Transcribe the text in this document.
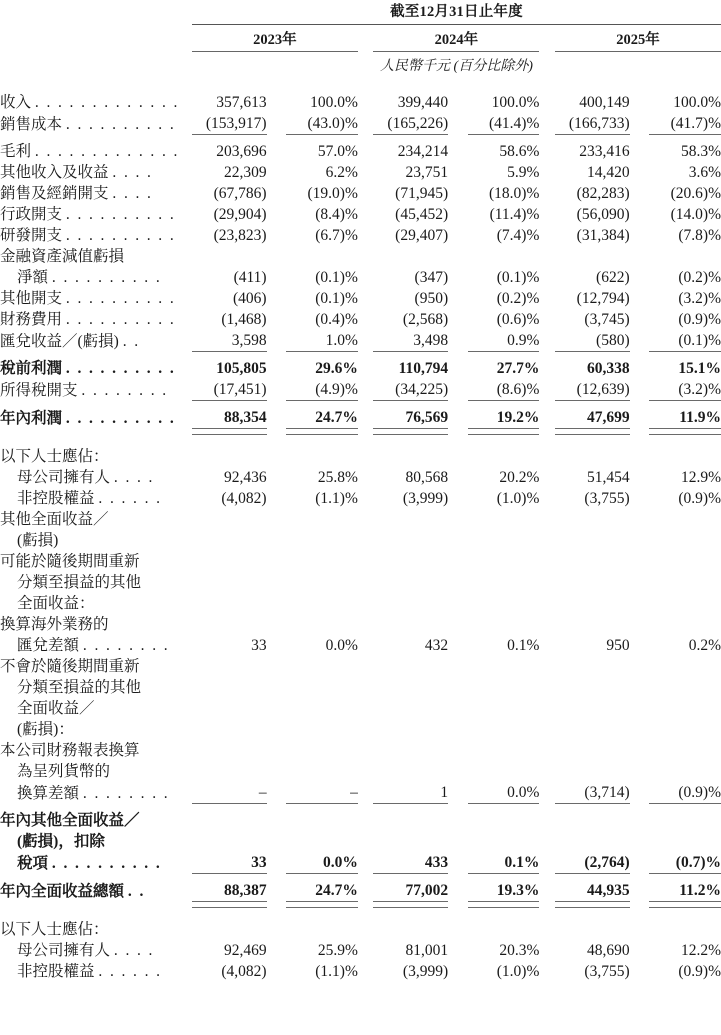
	截至12月31日止年度										

	2023年				2024年				2025年		

	人民幣千元 (百分比除外)										

收入 . . . . . . . . . . . . .	357,613		100.0%		399,440		100.0%		400,149		100.0%
銷售成本 . . . . . . . . . .	(153,917)		(43.0)%		(165,226)		(41.4)%		(166,733)		(41.7)%

毛利 . . . . . . . . . . . . .	203,696		57.0%		234,214		58.6%		233,416		58.3%
其他收入及收益 . . . .	22,309		6.2%		23,751		5.9%		14,420		3.6%
銷售及經銷開支 . . . .	(67,786)		(19.0)%		(71,945)		(18.0)%		(82,283)		(20.6)%
行政開支 . . . . . . . . . .	(29,904)		(8.4)%		(45,452)		(11.4)%		(56,090)		(14.0)%
研發開支 . . . . . . . . . .	(23,823)		(6.7)%		(29,407)		(7.4)%		(31,384)		(7.8)%
金融資產減值虧損											
淨額 . . . . . . . . . .	(411)		(0.1)%		(347)		(0.1)%		(622)		(0.2)%
其他開支 . . . . . . . . . .	(406)		(0.1)%		(950)		(0.2)%		(12,794)		(3.2)%
財務費用 . . . . . . . . . .	(1,468)		(0.4)%		(2,568)		(0.6)%		(3,745)		(0.9)%
匯兌收益／(虧損) . .	3,598		1.0%		3,498		0.9%		(580)		(0.1)%

稅前利潤 . . . . . . . . . .	105,805		29.6%		110,794		27.7%		60,338		15.1%
所得稅開支 . . . . . . . .	(17,451)		(4.9)%		(34,225)		(8.6)%		(12,639)		(3.2)%

年內利潤 . . . . . . . . . .	88,354		24.7%		76,569		19.2%		47,699		11.9%

以下人士應佔：											
母公司擁有人 . . . .	92,436		25.8%		80,568		20.2%		51,454		12.9%
非控股權益 . . . . . .	(4,082)		(1.1)%		(3,999)		(1.0)%		(3,755)		(0.9)%
其他全面收益／											
(虧損)											
可能於隨後期間重新											
分類至損益的其他											
全面收益：											
換算海外業務的											
匯兌差額 . . . . . . . .	33		0.0%		432		0.1%		950		0.2%
不會於隨後期間重新											
分類至損益的其他											
全面收益／											
(虧損)：											
本公司財務報表換算											
為呈列貨幣的											
換算差額 . . . . . . . .	–		–		1		0.0%		(3,714)		(0.9)%

年內其他全面收益／											
(虧損)，扣除											
稅項 . . . . . . . . . .	33		0.0%		433		0.1%		(2,764)		(0.7)%

年內全面收益總額 . .	88,387		24.7%		77,002		19.3%		44,935		11.2%

以下人士應佔：											
母公司擁有人 . . . .	92,469		25.9%		81,001		20.3%		48,690		12.2%
非控股權益 . . . . . .	(4,082)		(1.1)%		(3,999)		(1.0)%		(3,755)		(0.9)%
